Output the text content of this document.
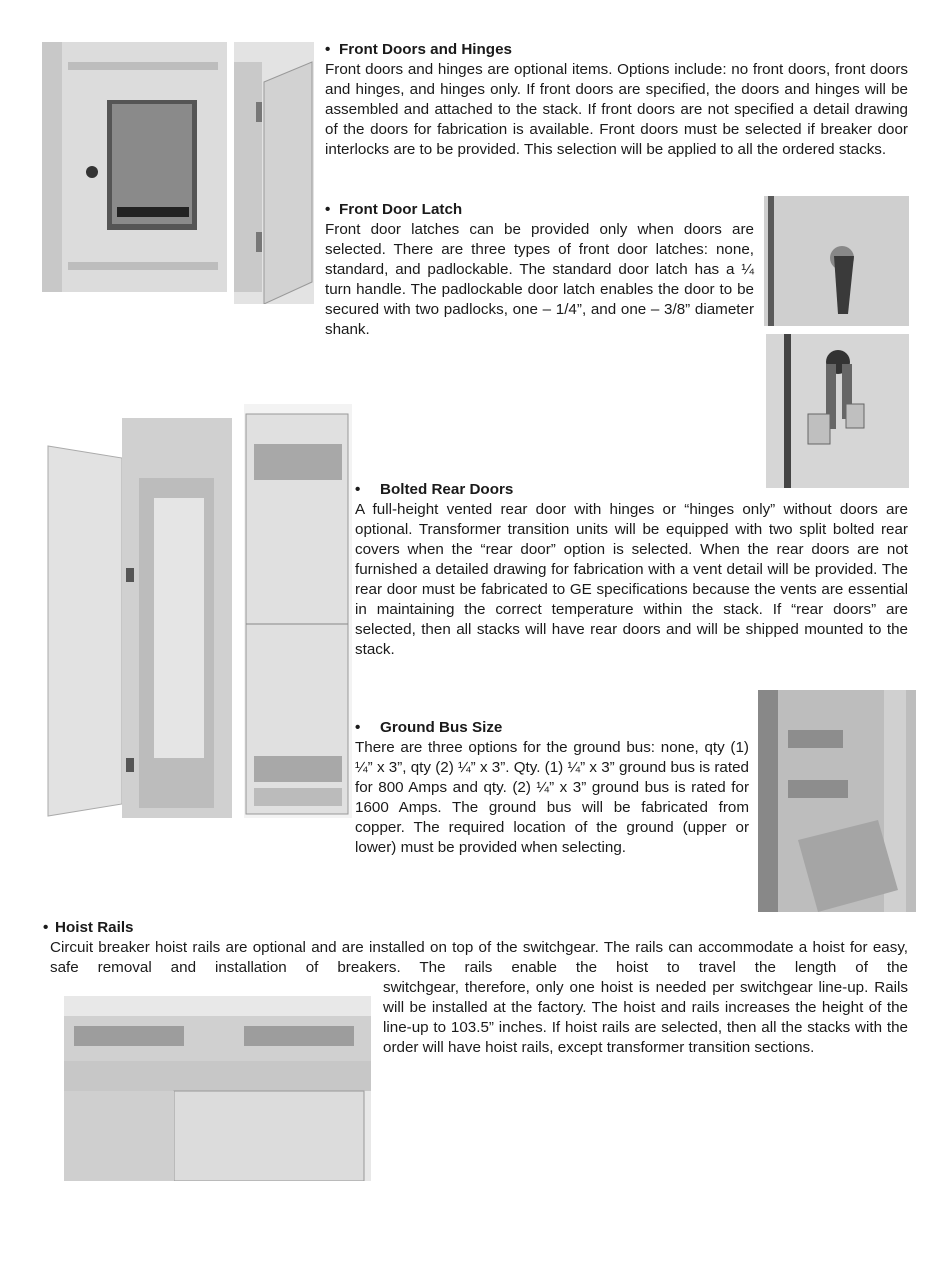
• Front Doors and Hinges
Front doors and hinges are optional items. Options include: no front doors, front doors and hinges, and hinges only. If front doors are specified, the doors and hinges will be assembled and attached to the stack. If front doors are not specified a detail drawing of the doors for fabrication is available. Front doors must be selected if breaker door interlocks are to be provided. This selection will be applied to all the ordered stacks.
• Front Door Latch
Front door latches can be provided only when doors are selected. There are three types of front door latches: none, standard, and padlockable. The standard door latch has a ¼ turn handle. The padlockable door latch enables the door to be secured with two padlocks, one – 1/4”, and one – 3/8” diameter shank.
• Bolted Rear Doors
A full-height vented rear door with hinges or “hinges only” without doors are optional. Transformer transition units will be equipped with two split bolted rear covers when the “rear door” option is selected. When the rear doors are not furnished a detailed drawing for fabrication with a vent detail will be provided. The rear door must be fabricated to GE specifications because the vents are essential in maintaining the correct temperature within the stack. If “rear doors” are selected, then all stacks will have rear doors and will be shipped mounted to the stack.
• Ground Bus Size
There are three options for the ground bus: none, qty (1) ¼” x 3”, qty (2) ¼” x 3”. Qty. (1) ¼” x 3” ground bus is rated for 800 Amps and qty. (2) ¼” x 3” ground bus is rated for 1600 Amps. The ground bus will be fabricated from copper. The required location of the ground (upper or lower) must be provided when selecting.
• Hoist Rails
Circuit breaker hoist rails are optional and are installed on top of the switchgear. The rails can accommodate a hoist for easy, safe removal and installation of breakers. The rails enable the hoist to travel the length of the
switchgear, therefore, only one hoist is needed per switchgear line-up. Rails will be installed at the factory. The hoist and rails increases the height of the line-up to 103.5” inches. If hoist rails are selected, then all the stacks with the order will have hoist rails, except transformer transition sections.
